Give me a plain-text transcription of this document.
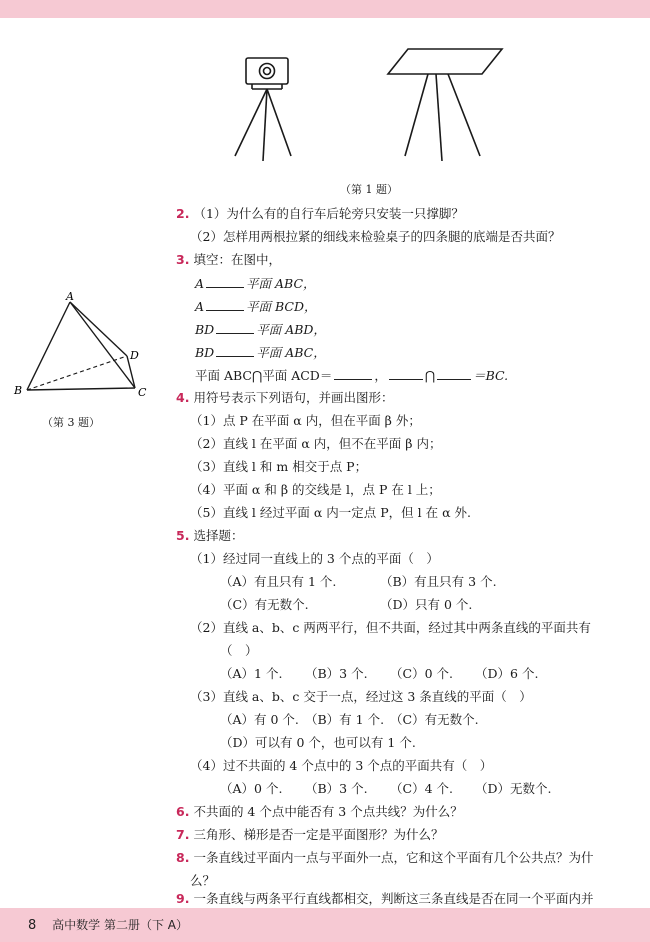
（第 1 题）
A
B	C
D
（第 3 题）
2. （1）为什么有的自行车后轮旁只安装一只撑脚？
（2）怎样用两根拉紧的细线来检验桌子的四条腿的底端是否共面？
3. 填空：在图中，
A	平面 ABC，
A	平面 BCD，
BD	平面 ABD，
BD	平面 ABC，
平面 ABC⋂平面 ACD＝	，	⋂	＝BC.
4. 用符号表示下列语句，并画出图形：
（1）点 P 在平面 α 内，但在平面 β 外；
（2）直线 l 在平面 α 内，但不在平面 β 内；
（3）直线 l 和 m 相交于点 P；
（4）平面 α 和 β 的交线是 l，点 P 在 l 上；
（5）直线 l 经过平面 α 内一定点 P，但 l 在 α 外.
5. 选择题：
（1）经过同一直线上的 3 个点的平面（　）
（A）有且只有 1 个.	（B）有且只有 3 个.
（C）有无数个.	（D）只有 0 个.
（2）直线 a、b、c 两两平行，但不共面，经过其中两条直线的平面共有
（　）
（A）1 个. （B）3 个. （C）0 个. （D）6 个.
（3）直线 a、b、c 交于一点，经过这 3 条直线的平面（　）
（A）有 0 个. （B）有 1 个. （C）有无数个.
（D）可以有 0 个，也可以有 1 个.
（4）过不共面的 4 个点中的 3 个点的平面共有（　）
（A）0 个. （B）3 个. （C）4 个. （D）无数个.
6. 不共面的 4 个点中能否有 3 个点共线？为什么？
7. 三角形、梯形是否一定是平面图形？为什么？
8. 一条直线过平面内一点与平面外一点，它和这个平面有几个公共点？为什
么？
9. 一条直线与两条平行直线都相交，判断这三条直线是否在同一个平面内并
8 高中数学 第二册（下 A）
